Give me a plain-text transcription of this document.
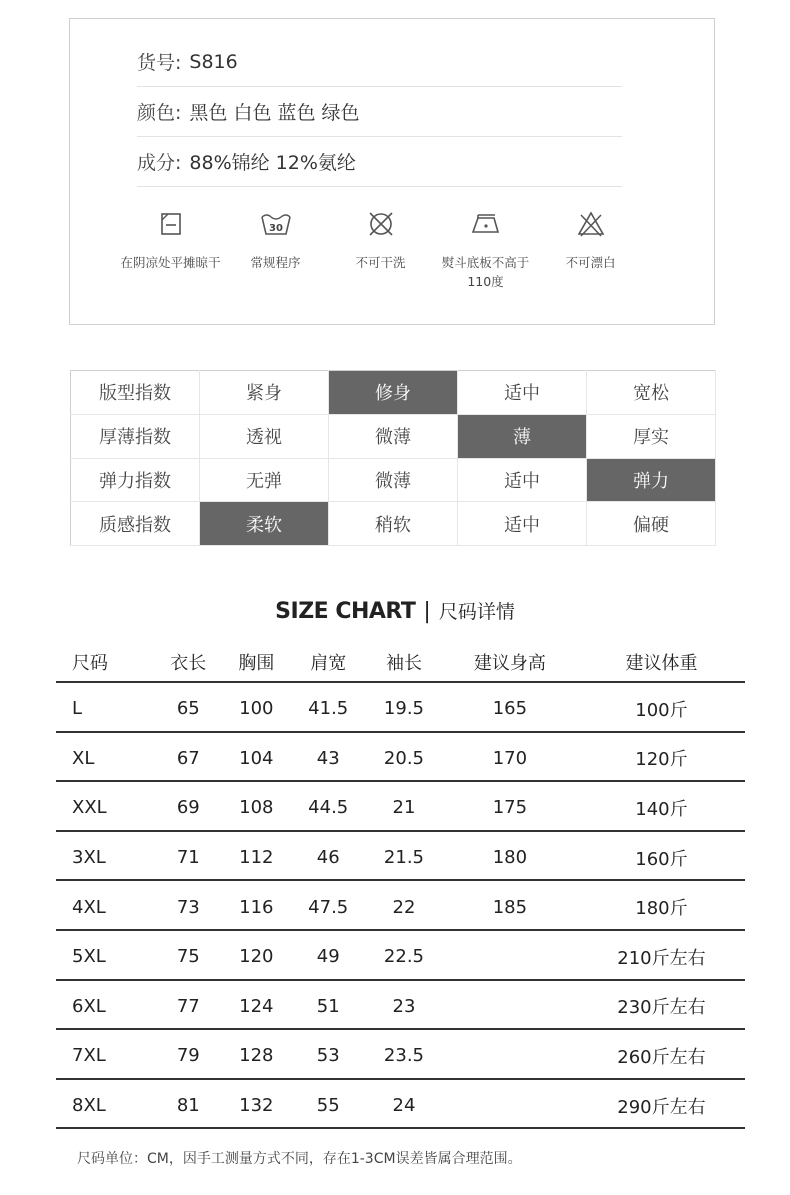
货号: S816
颜色: 黑色 白色 蓝色 绿色
成分: 88%锦纶 12%氨纶
在阴凉处平摊晾干
30
常规程序	不可干洗	熨斗底板不高于110度
不可漂白
版型指数	紧身	修身	适中	宽松
厚薄指数	透视	微薄	薄	厚实
弹力指数	无弹	微薄	适中	弹力
质感指数	柔软	稍软	适中	偏硬
SIZE CHART | 尺码详情
尺码	衣长	胸围	肩宽	袖长	建议身高	建议体重
L	65	100	41.5	19.5	165	100斤
XL	67	104	43	20.5	170	120斤
XXL	69	108	44.5	21	175	140斤
3XL	71	112	46	21.5	180	160斤
4XL	73	116	47.5	22	185	180斤
5XL	75	120	49	22.5		210斤左右
6XL	77	124	51	23		230斤左右
7XL	79	128	53	23.5		260斤左右
8XL	81	132	55	24		290斤左右
尺码单位：CM，因手工测量方式不同，存在1-3CM误差皆属合理范围。
